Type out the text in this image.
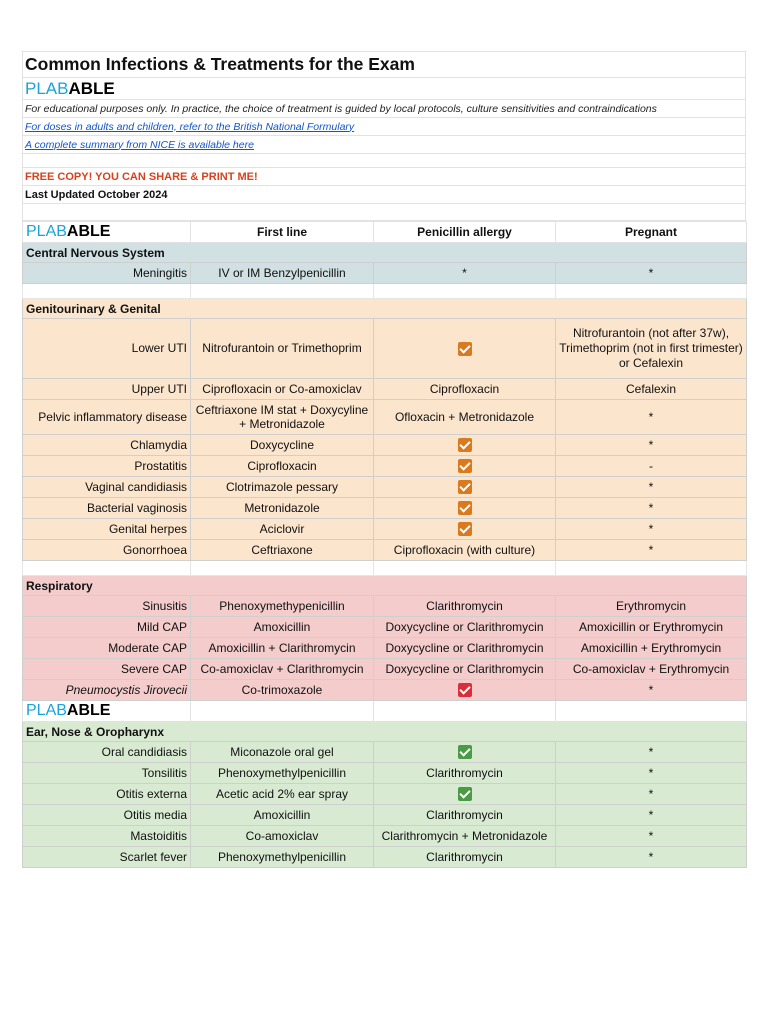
Common Infections & Treatments for the Exam
PLAB ABLE
For educational purposes only. In practice, the choice of treatment is guided by local protocols, culture sensitivities and contraindications
For doses in adults and children, refer to the British National Formulary
A complete summary from NICE is available here
FREE COPY! YOU CAN SHARE & PRINT ME!
Last Updated October 2024
PLABABLE	First line	Penicillin allergy	Pregnant
Central Nervous System			
Meningitis	IV or IM Benzylpenicillin	*	*

Genitourinary & Genital			
Lower UTI	Nitrofurantoin or Trimethoprim		Nitrofurantoin (not after 37w), Trimethoprim (not in first trimester) or Cefalexin
Upper UTI	Ciprofloxacin or Co-amoxiclav	Ciprofloxacin	Cefalexin
Pelvic inflammatory disease	Ceftriaxone IM stat + Doxycyline + Metronidazole	Ofloxacin + Metronidazole	*
Chlamydia	Doxycycline		*
Prostatitis	Ciprofloxacin		-
Vaginal candidiasis	Clotrimazole pessary		*
Bacterial vaginosis	Metronidazole		*
Genital herpes	Aciclovir		*
Gonorrhoea	Ceftriaxone	Ciprofloxacin (with culture)	*

Respiratory			
Sinusitis	Phenoxymethypenicillin	Clarithromycin	Erythromycin
Mild CAP	Amoxicillin	Doxycycline or Clarithromycin	Amoxicillin or Erythromycin
Moderate CAP	Amoxicillin + Clarithromycin	Doxycycline or Clarithromycin	Amoxicillin + Erythromycin
Severe CAP	Co-amoxiclav + Clarithromycin	Doxycycline or Clarithromycin	Co-amoxiclav + Erythromycin
Pneumocystis Jirovecii	Co-trimoxazole		*
PLABABLE			
Ear, Nose & Oropharynx			
Oral candidiasis	Miconazole oral gel		*
Tonsilitis	Phenoxymethylpenicillin	Clarithromycin	*
Otitis externa	Acetic acid 2% ear spray		*
Otitis media	Amoxicillin	Clarithromycin	*
Mastoiditis	Co-amoxiclav	Clarithromycin + Metronidazole	*
Scarlet fever	Phenoxymethylpenicillin	Clarithromycin	*
